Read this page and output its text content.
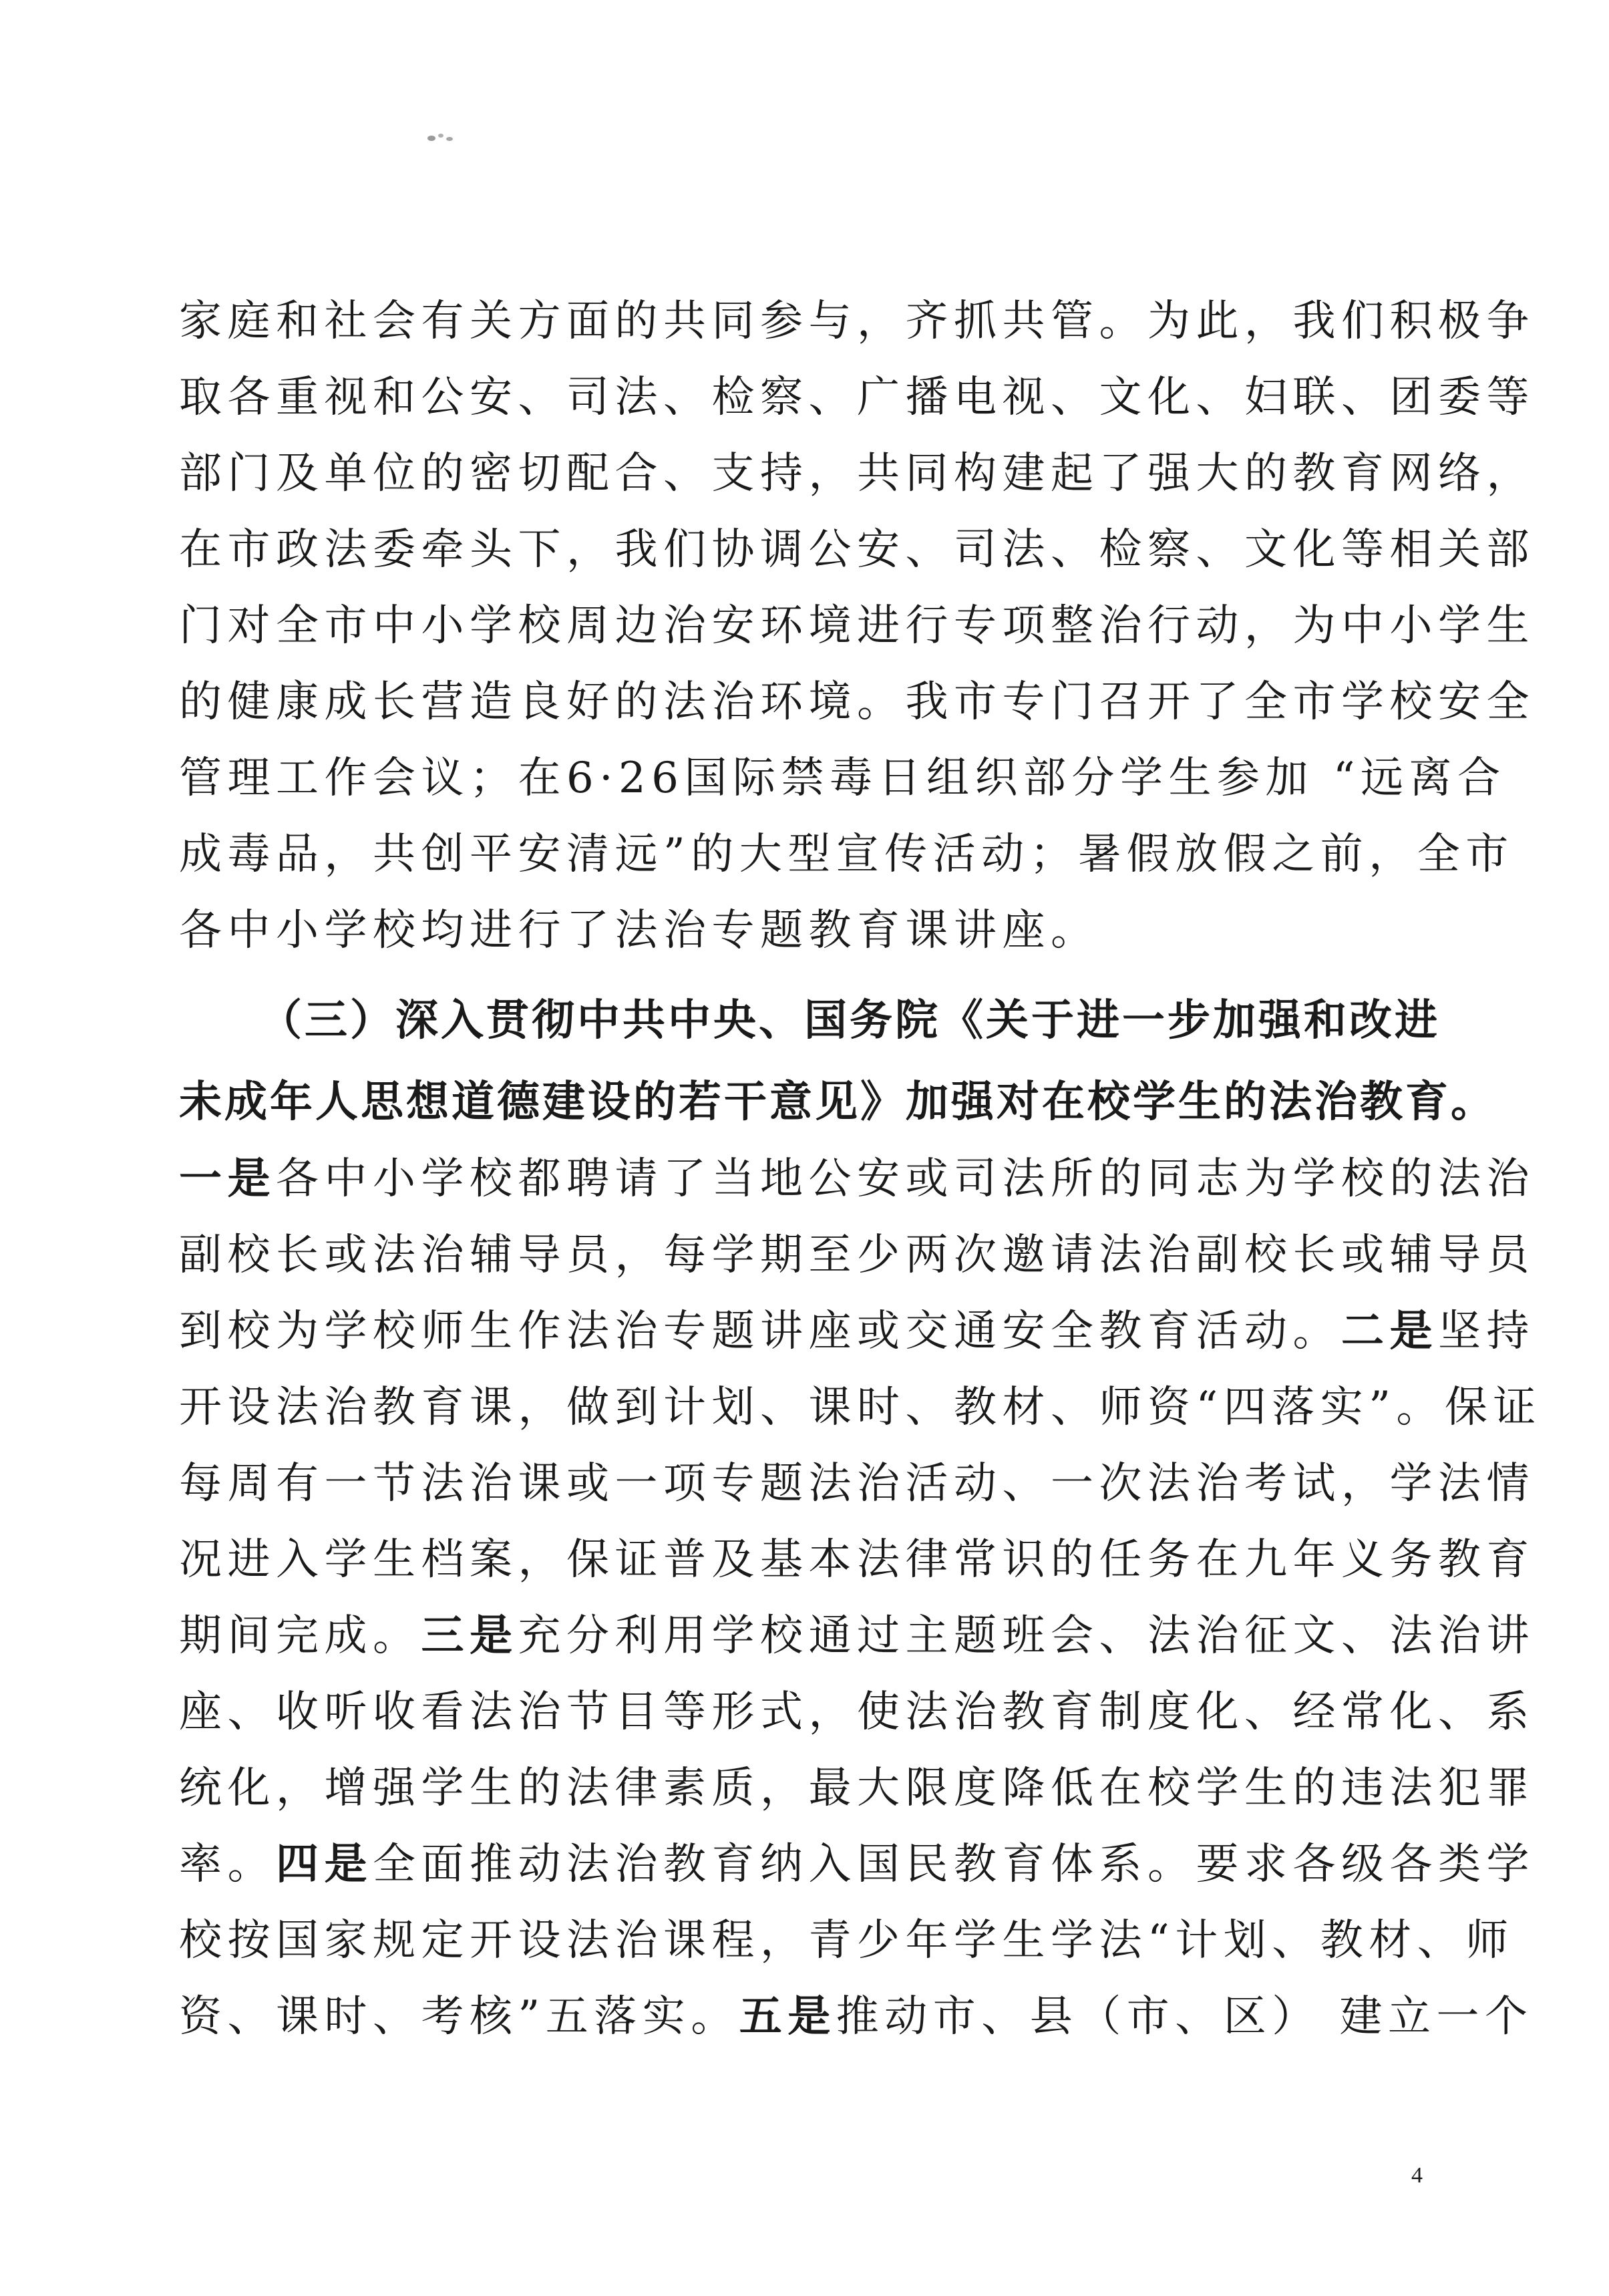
家庭和社会有关方面的共同参与，齐抓共管。为此，我们积极争
取各重视和公安、司法、检察、广播电视、文化、妇联、团委等
部门及单位的密切配合、支持，共同构建起了强大的教育网络，
在市政法委牵头下，我们协调公安、司法、检察、文化等相关部
门对全市中小学校周边治安环境进行专项整治行动，为中小学生
的健康成长营造良好的法治环境。我市专门召开了全市学校安全
管理工作会议；在6·26国际禁毒日组织部分学生参加 “远离合
成毒品，共创平安清远”的大型宣传活动；暑假放假之前，全市
各中小学校均进行了法治专题教育课讲座。
（三）深入贯彻中共中央、国务院《关于进一步加强和改进
未成年人思想道德建设的若干意见》加强对在校学生的法治教育。
一是各中小学校都聘请了当地公安或司法所的同志为学校的法治
副校长或法治辅导员，每学期至少两次邀请法治副校长或辅导员
到校为学校师生作法治专题讲座或交通安全教育活动。二是坚持
开设法治教育课，做到计划、课时、教材、师资“四落实”。保证
每周有一节法治课或一项专题法治活动、一次法治考试，学法情
况进入学生档案，保证普及基本法律常识的任务在九年义务教育
期间完成。三是充分利用学校通过主题班会、法治征文、法治讲
座、收听收看法治节目等形式，使法治教育制度化、经常化、系
统化，增强学生的法律素质，最大限度降低在校学生的违法犯罪
率。四是全面推动法治教育纳入国民教育体系。要求各级各类学
校按国家规定开设法治课程，青少年学生学法“计划、教材、师
资、课时、考核”五落实。五是推动市、县（市、区） 建立一个
4
